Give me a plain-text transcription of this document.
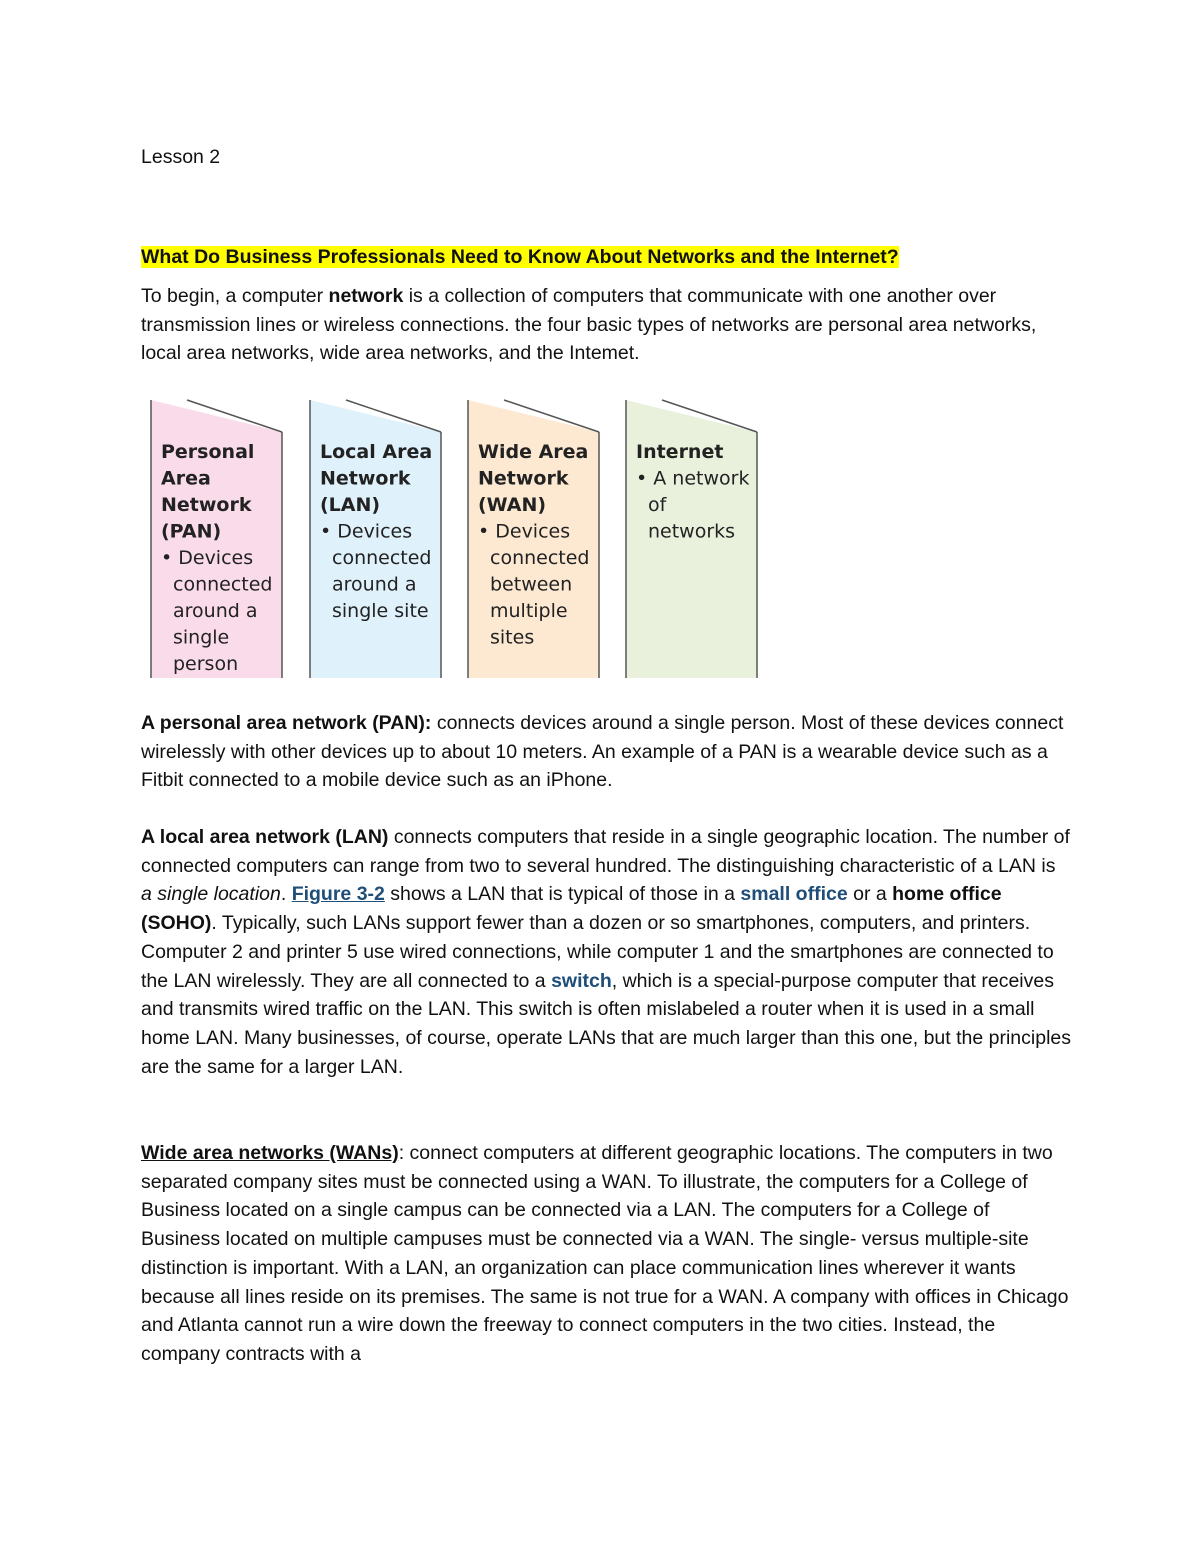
Lesson 2
What Do Business Professionals Need to Know About Networks and the Internet?
To begin, a computer network is a collection of computers that communicate with one another over transmission lines or wireless connections. the four basic types of networks are personal area networks, local area networks, wide area networks, and the Intemet.
Personal
Area
Network
(PAN)
• Devices
connected
around a
single
person
Local Area
Network
(LAN)
• Devices
connected
around a
single site
Wide Area
Network
(WAN)
• Devices
connected
between
multiple
sites
Internet
• A network
of
networks
A personal area network (PAN): connects devices around a single person. Most of these devices connect wirelessly with other devices up to about 10 meters. An example of a PAN is a wearable device such as a Fitbit connected to a mobile device such as an iPhone.
A local area network (LAN) connects computers that reside in a single geographic location. The number of connected computers can range from two to several hundred. The distinguishing characteristic of a LAN is a single location. Figure 3-2 shows a LAN that is typical of those in a small office or a home office (SOHO). Typically, such LANs support fewer than a dozen or so smartphones, computers, and printers. Computer 2 and printer 5 use wired connections, while computer 1 and the smartphones are connected to the LAN wirelessly. They are all connected to a switch, which is a special-purpose computer that receives and transmits wired traffic on the LAN. This switch is often mislabeled a router when it is used in a small home LAN. Many businesses, of course, operate LANs that are much larger than this one, but the principles are the same for a larger LAN.
Wide area networks (WANs): connect computers at different geographic locations. The computers in two separated company sites must be connected using a WAN. To illustrate, the computers for a College of Business located on a single campus can be connected via a LAN. The computers for a College of Business located on multiple campuses must be connected via a WAN. The single- versus multiple-site distinction is important. With a LAN, an organization can place communication lines wherever it wants because all lines reside on its premises. The same is not true for a WAN. A company with offices in Chicago and Atlanta cannot run a wire down the freeway to connect computers in the two cities. Instead, the company contracts with a
